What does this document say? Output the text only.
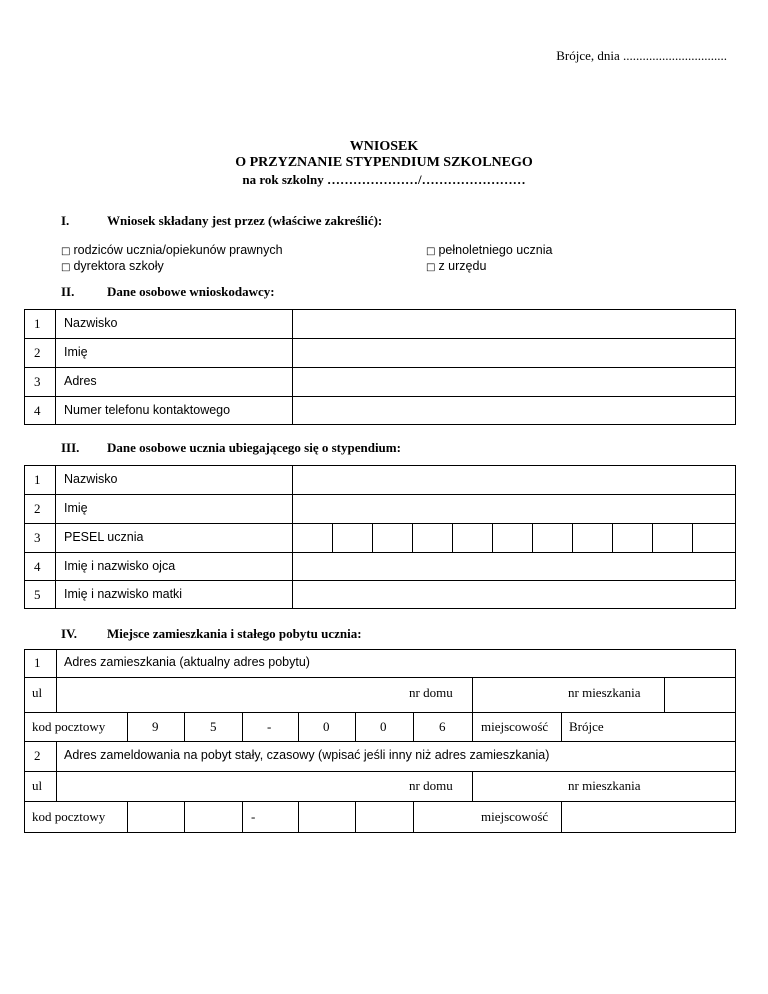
Brójce, dnia ................................
WNIOSEK
O PRZYZNANIE STYPENDIUM SZKOLNEGO
na rok szkolny …………………/……………………
I.	Wniosek składany jest przez (właściwe zakreślić):
□ rodziców ucznia/opiekunów prawnych
□ dyrektora szkoły
□ pełnoletniego ucznia
□ z urzędu
II.	Dane osobowe wnioskodawcy:
1 Nazwisko
2 Imię
3 Adres
4 Numer telefonu kontaktowego
III. Dane osobowe ucznia ubiegającego się o stypendium:
1 Nazwisko
2 Imię
3 PESEL ucznia
4 Imię i nazwisko ojca
5 Imię i nazwisko matki
IV. Miejsce zamieszkania i stałego pobytu ucznia:
1 Adres zamieszkania (aktualny adres pobytu)
ul	nr domu	nr mieszkania
kod pocztowy	9	5	-	0	0	6	miejscowość Brójce
2 Adres zameldowania na pobyt stały, czasowy (wpisać jeśli inny niż adres zamieszkania)
ul	nr domu	nr mieszkania
kod pocztowy	-	miejscowość
